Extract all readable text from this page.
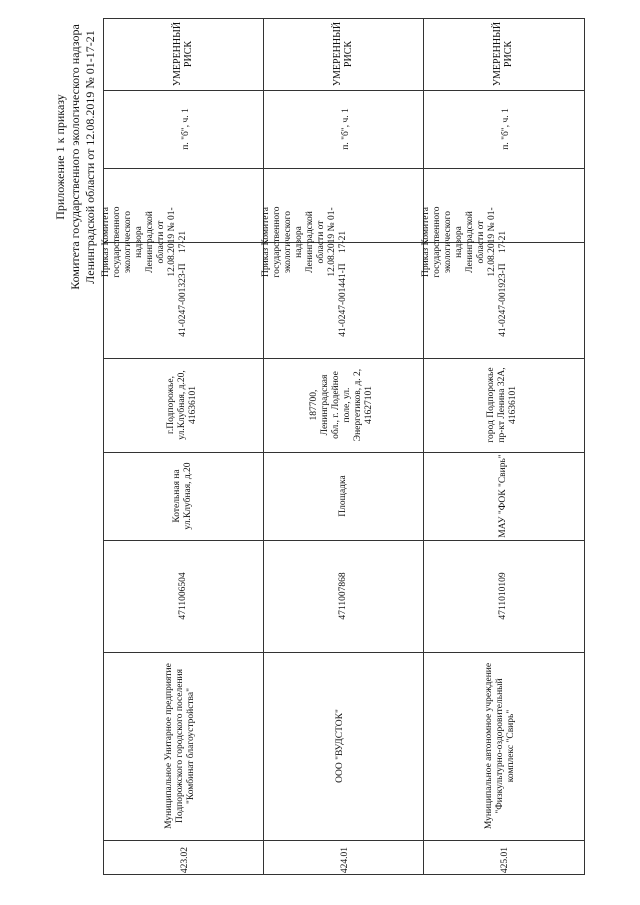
Приложение 1 к приказу Комитета государственного экологического надзора Ленинградской области от 12.08.2019 № 01-17-21	УМЕРЕННЫЙ РИСК
п. "б", ч. 1
Приказ Комитета государственного экологического надзора Ленинградской области от 12.08.2019 № 01-17-21
41-0247-001323-П
г.Подпорожье, ул.Клубная, д.20, 41636101
Котельная на ул.Клубная, д.20
4711006504
Муниципальное Унитарное предприятие Подпорожского городского поселения "Комбинат благоустройства"
423.02
УМЕРЕННЫЙ РИСК
п. "б", ч. 1
Приказ Комитета государственного экологического надзора Ленинградской области от 12.08.2019 № 01-17-21
41-0247-001441-П
187700, Ленинградская обл., г. Лодейное поле, ул. Энергетиков, д. 2, 41627101
Площадка
4711007868
ООО "ВУДСТОК"
424.01
УМЕРЕННЫЙ РИСК
п. "б", ч. 1
Приказ Комитета государственного экологического надзора Ленинградской области от 12.08.2019 № 01-17-21
41-0247-001923-П
город Подпорожье пр-кт Ленина 32А, 41636101
МАУ "ФОК "Свирь"
4711010109
Муниципальное автономное учреждение "Физкультурно-оздоровительный комплекс "Свирь"
425.01
